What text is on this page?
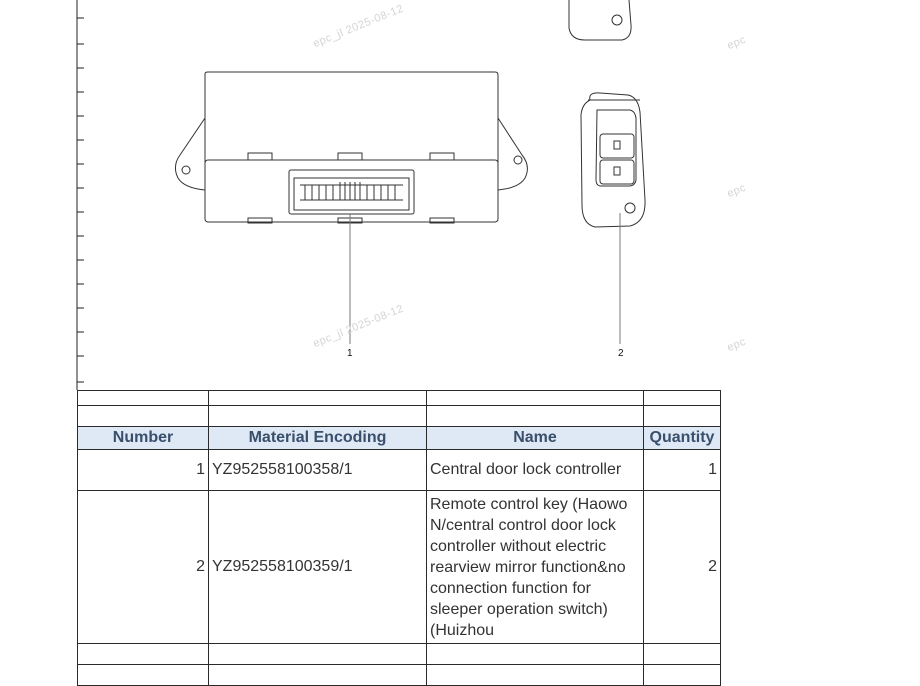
epc_jl 2025-08-12	epc
epc
epc_jl 2025-08-12	epc
1	2

Number	Material Encoding	Name	Quantity
1	YZ952558100358/1	Central door lock controller	1
2	YZ952558100359/1	Remote control key (Haowo N/central control door lock controller without electric rearview mirror function&no connection function for sleeper operation switch) (Huizhou	2
